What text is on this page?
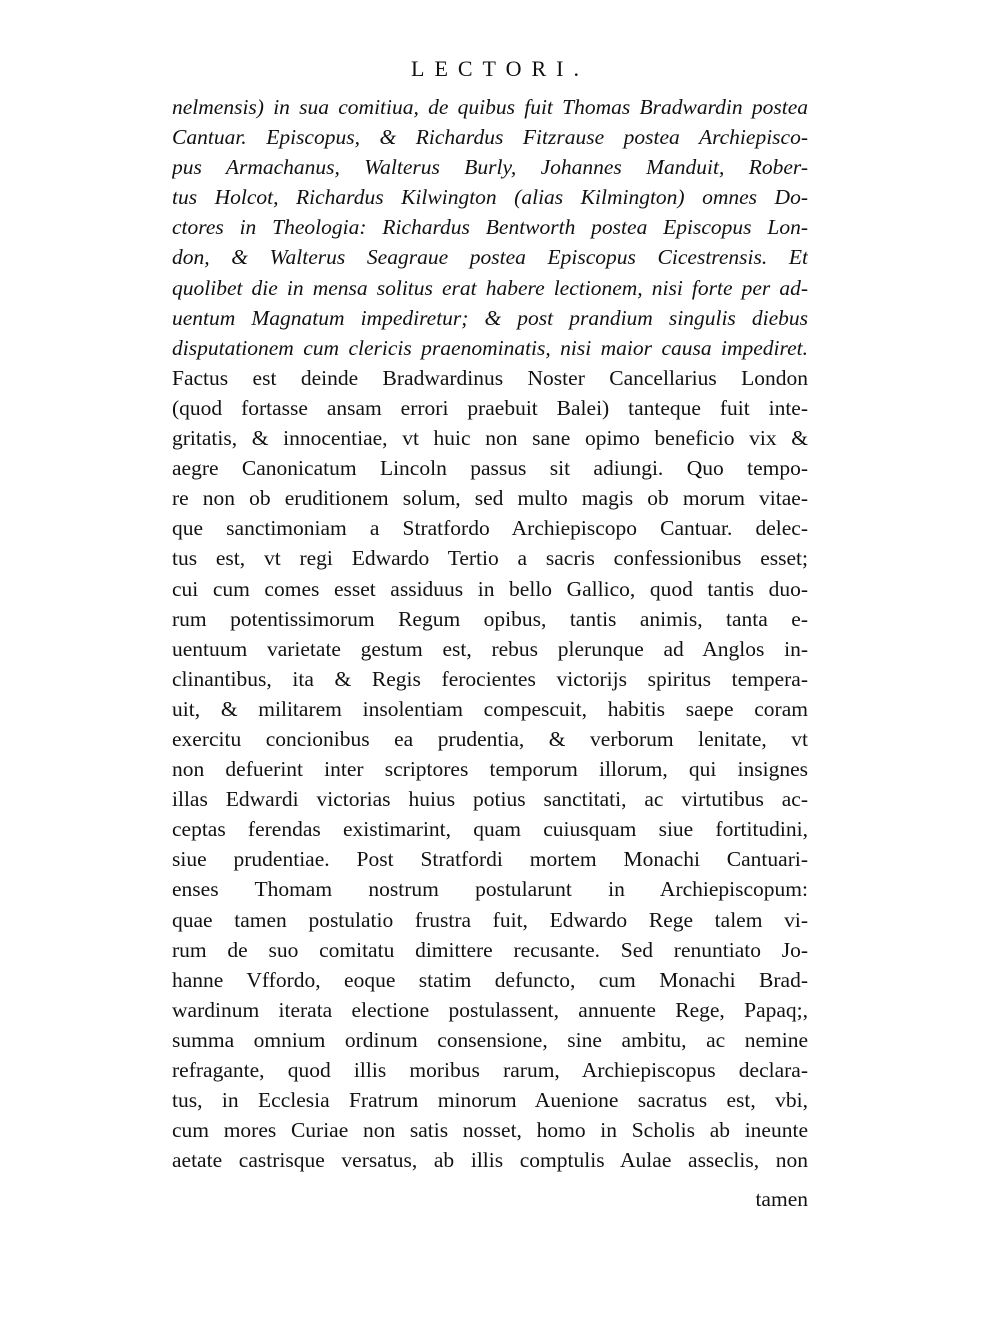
LECTORI.
nelmensis) in sua comitiua, de quibus fuit Thomas Bradwardin postea
Cantuar. Episcopus, & Richardus Fitzrause postea Archiepisco-
pus Armachanus, Walterus Burly, Johannes Manduit, Rober-
tus Holcot, Richardus Kilwington (alias Kilmington) omnes Do-
ctores in Theologia: Richardus Bentworth postea Episcopus Lon-
don, & Walterus Seagraue postea Episcopus Cicestrensis. Et
quolibet die in mensa solitus erat habere lectionem, nisi forte per ad-
uentum Magnatum impediretur; & post prandium singulis diebus
disputationem cum clericis praenominatis, nisi maior causa impediret.
Factus est deinde Bradwardinus Noster Cancellarius London
(quod fortasse ansam errori praebuit Balei) tanteque fuit inte-
gritatis, & innocentiae, vt huic non sane opimo beneficio vix &
aegre Canonicatum Lincoln passus sit adiungi. Quo tempo-
re non ob eruditionem solum, sed multo magis ob morum vitae-
que sanctimoniam a Stratfordo Archiepiscopo Cantuar. delec-
tus est, vt regi Edwardo Tertio a sacris confessionibus esset;
cui cum comes esset assiduus in bello Gallico, quod tantis duo-
rum potentissimorum Regum opibus, tantis animis, tanta e-
uentuum varietate gestum est, rebus plerunque ad Anglos in-
clinantibus, ita & Regis ferocientes victorijs spiritus tempera-
uit, & militarem insolentiam compescuit, habitis saepe coram
exercitu concionibus ea prudentia, & verborum lenitate, vt
non defuerint inter scriptores temporum illorum, qui insignes
illas Edwardi victorias huius potius sanctitati, ac virtutibus ac-
ceptas ferendas existimarint, quam cuiusquam siue fortitudini,
siue prudentiae. Post Stratfordi mortem Monachi Cantuari-
enses Thomam nostrum postularunt in Archiepiscopum:
quae tamen postulatio frustra fuit, Edwardo Rege talem vi-
rum de suo comitatu dimittere recusante. Sed renuntiato Jo-
hanne Vffordo, eoque statim defuncto, cum Monachi Brad-
wardinum iterata electione postulassent, annuente Rege, Papaq;,
summa omnium ordinum consensione, sine ambitu, ac nemine
refragante, quod illis moribus rarum, Archiepiscopus declara-
tus, in Ecclesia Fratrum minorum Auenione sacratus est, vbi,
cum mores Curiae non satis nosset, homo in Scholis ab ineunte
aetate castrisque versatus, ab illis comptulis Aulae assеclis, non
tamen
